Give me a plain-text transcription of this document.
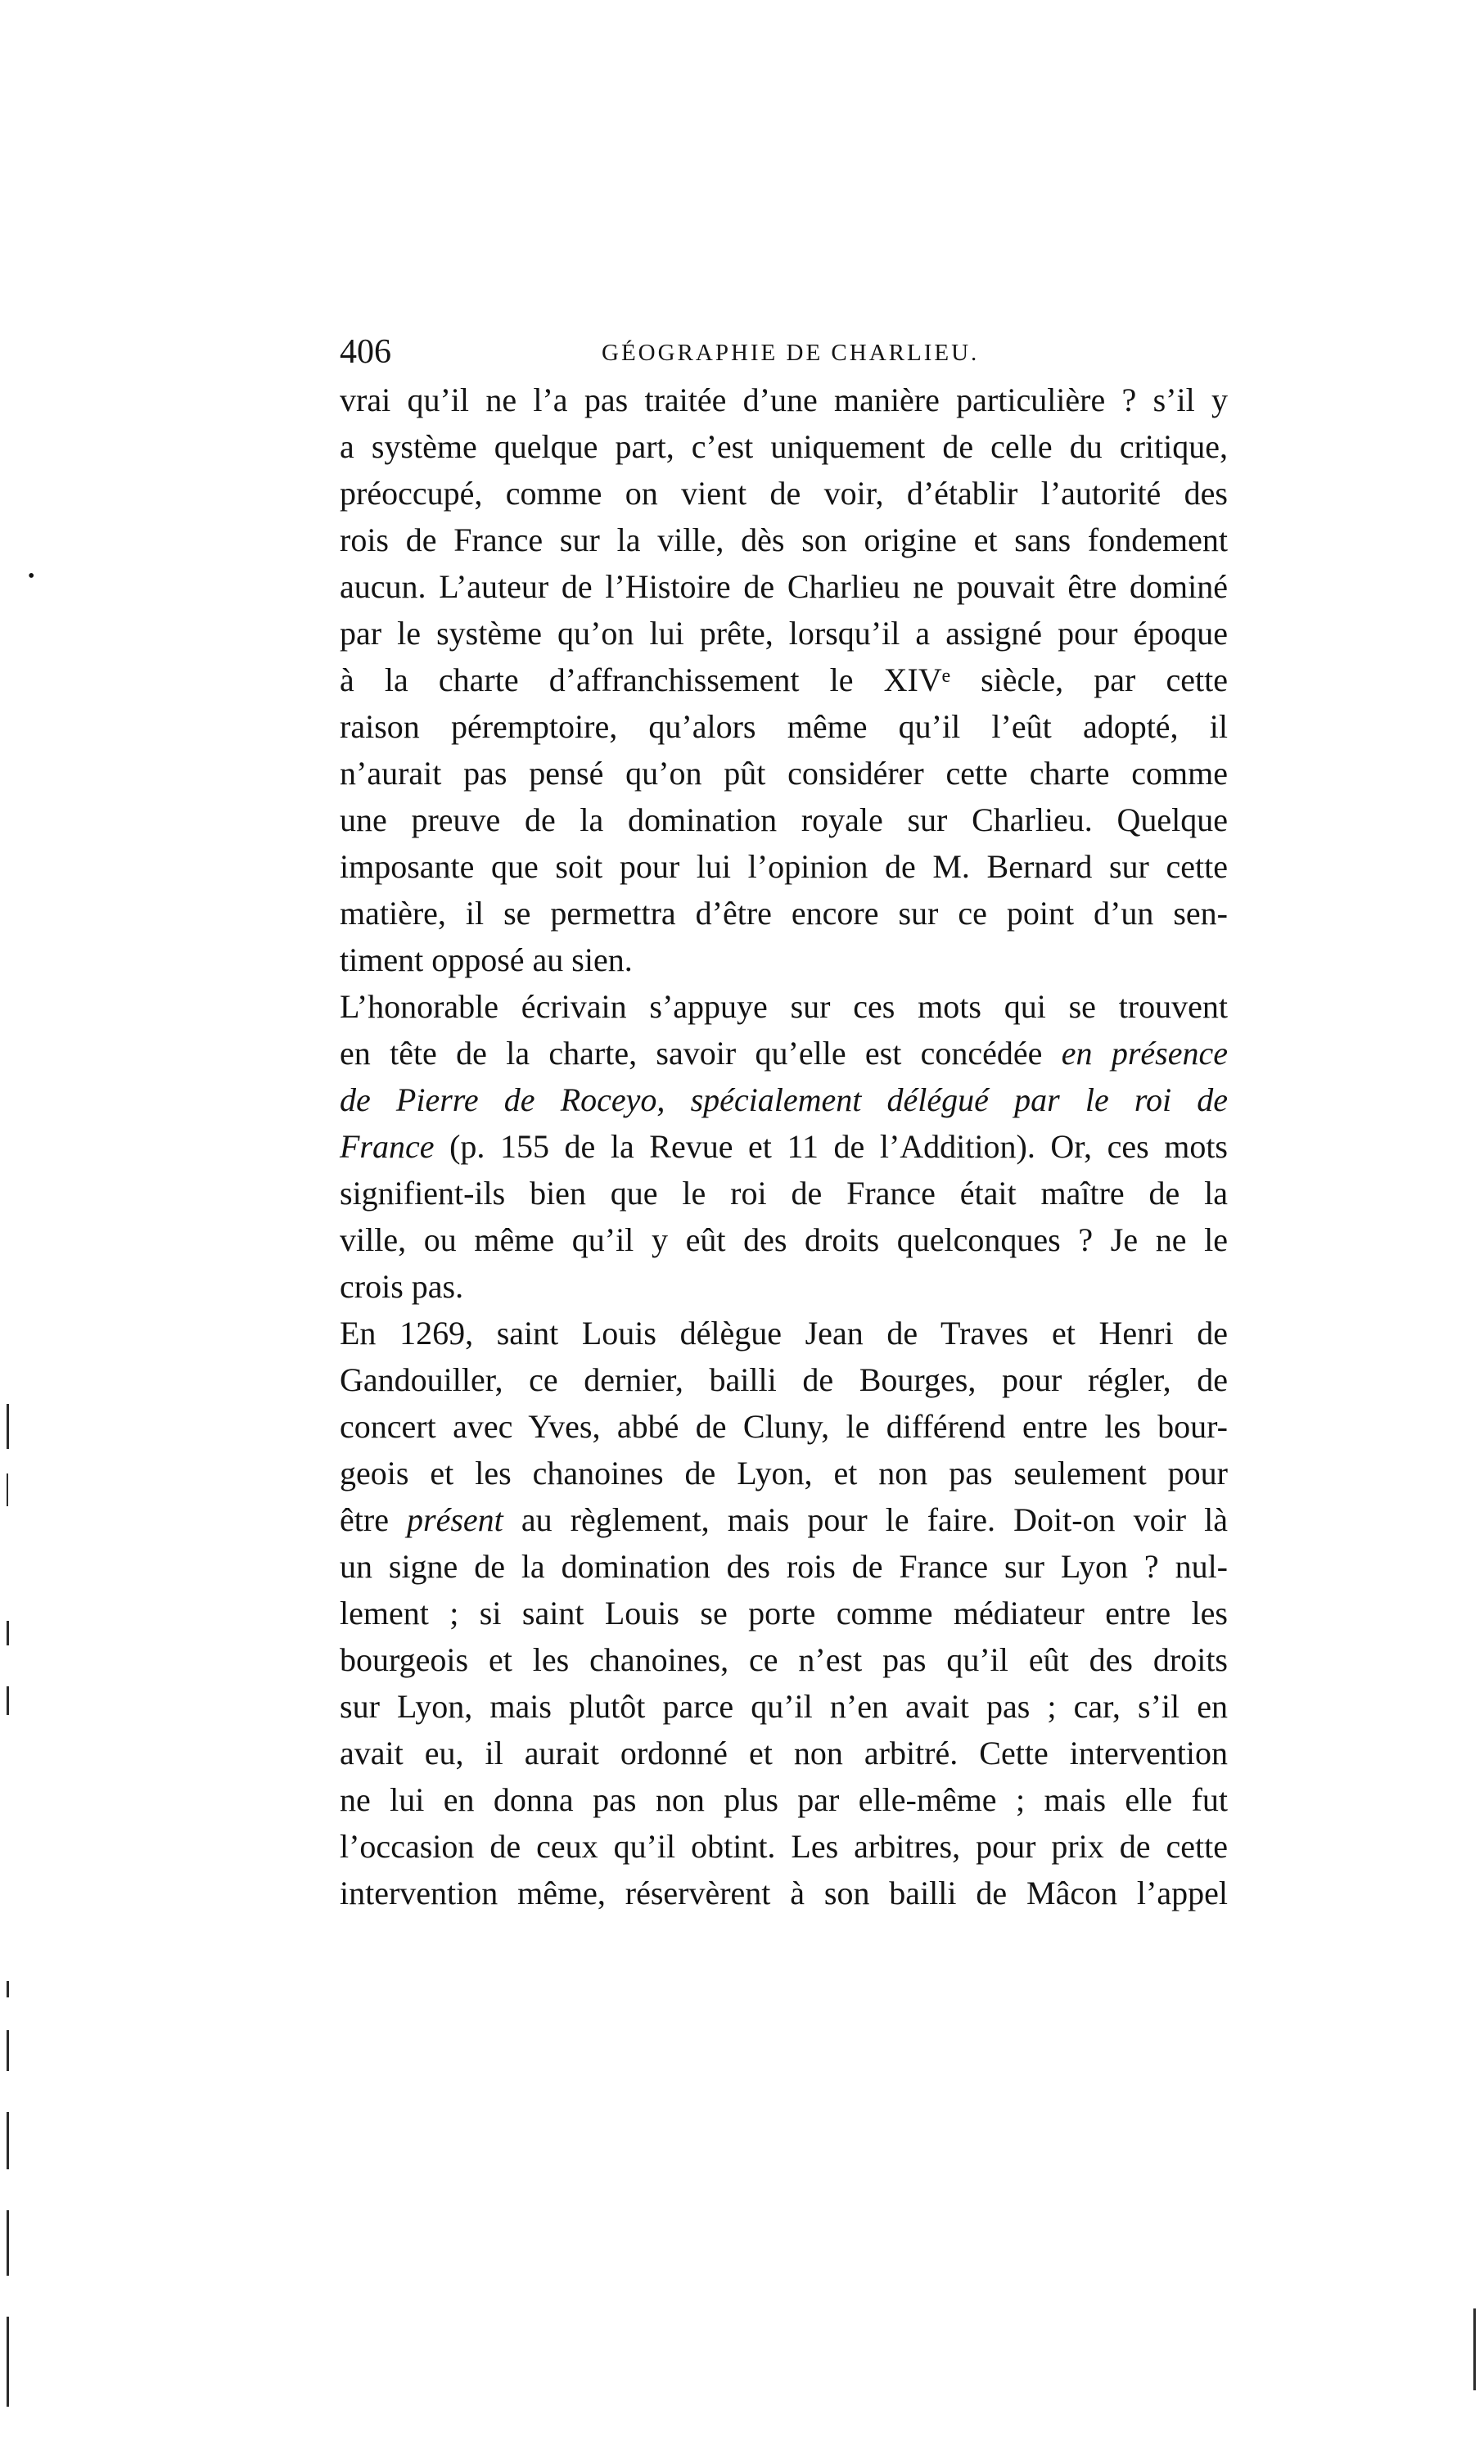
•
406	GÉOGRAPHIE DE CHARLIEU.
vrai qu’il ne l’a pas traitée d’une manière particulière ? s’il y
a système quelque part, c’est uniquement de celle du critique,
préoccupé, comme on vient de voir, d’établir l’autorité des
rois de France sur la ville, dès son origine et sans fondement
aucun. L’auteur de l’Histoire de Charlieu ne pouvait être dominé
par le système qu’on lui prête, lorsqu’il a assigné pour époque
à la charte d’affranchissement le XIVᵉ siècle, par cette
raison péremptoire, qu’alors même qu’il l’eût adopté, il
n’aurait pas pensé qu’on pût considérer cette charte comme
une preuve de la domination royale sur Charlieu. Quelque
imposante que soit pour lui l’opinion de M. Bernard sur cette
matière, il se permettra d’être encore sur ce point d’un sen-
timent opposé au sien.
L’honorable écrivain s’appuye sur ces mots qui se trouvent
en tête de la charte, savoir qu’elle est concédée en présence
de Pierre de Roceyo, spécialement délégué par le roi de
France (p. 155 de la Revue et 11 de l’Addition). Or, ces mots
signifient-ils bien que le roi de France était maître de la
ville, ou même qu’il y eût des droits quelconques ? Je ne le
crois pas.
En 1269, saint Louis délègue Jean de Traves et Henri de
Gandouiller, ce dernier, bailli de Bourges, pour régler, de
concert avec Yves, abbé de Cluny, le différend entre les bour-
geois et les chanoines de Lyon, et non pas seulement pour
être présent au règlement, mais pour le faire. Doit-on voir là
un signe de la domination des rois de France sur Lyon ? nul-
lement ; si saint Louis se porte comme médiateur entre les
bourgeois et les chanoines, ce n’est pas qu’il eût des droits
sur Lyon, mais plutôt parce qu’il n’en avait pas ; car, s’il en
avait eu, il aurait ordonné et non arbitré. Cette intervention
ne lui en donna pas non plus par elle-même ; mais elle fut
l’occasion de ceux qu’il obtint. Les arbitres, pour prix de cette
intervention même, réservèrent à son bailli de Mâcon l’appel
